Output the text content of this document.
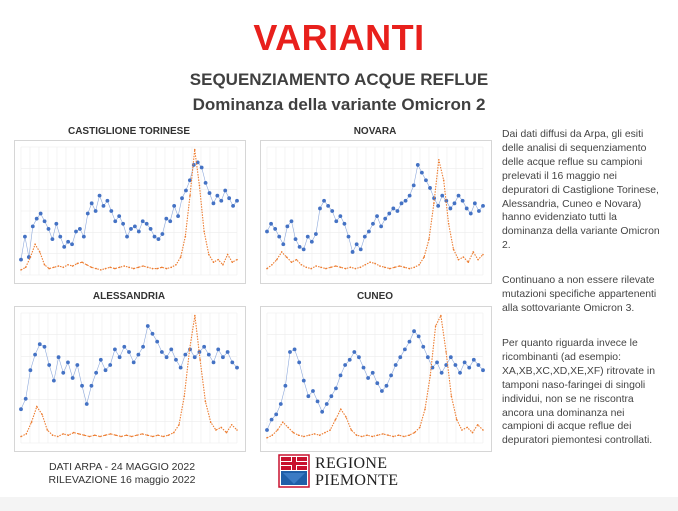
VARIANTI
SEQUENZIAMENTO ACQUE REFLUE
Dominanza della variante Omicron 2
CASTIGLIONE TORINESE	NOVARA
ALESSANDRIA	CUNEO

Dai dati diffusi da Arpa, gli esiti delle analisi di sequenziamento delle acque reflue su campioni prelevati il 16 maggio nei depuratori di Castiglione Torinese, Alessandria, Cuneo e Novara) hanno evidenziato tutti la dominanza della variante Omicron 2.

Continuano a non essere rilevate mutazioni specifiche appartenenti alla sottovariante Omicron 3.

Per quanto riguarda invece le ricombinanti (ad esempio: XA,XB,XC,XD,XE,XF) ritrovate in tamponi naso-faringei di singoli individui, non se ne riscontra ancora una dominanza nei campioni di acque reflue dei depuratori piemontesi controllati.

DATI ARPA - 24 MAGGIO 2022
RILEVAZIONE 16 maggio 2022
REGIONE
PIEMONTE
